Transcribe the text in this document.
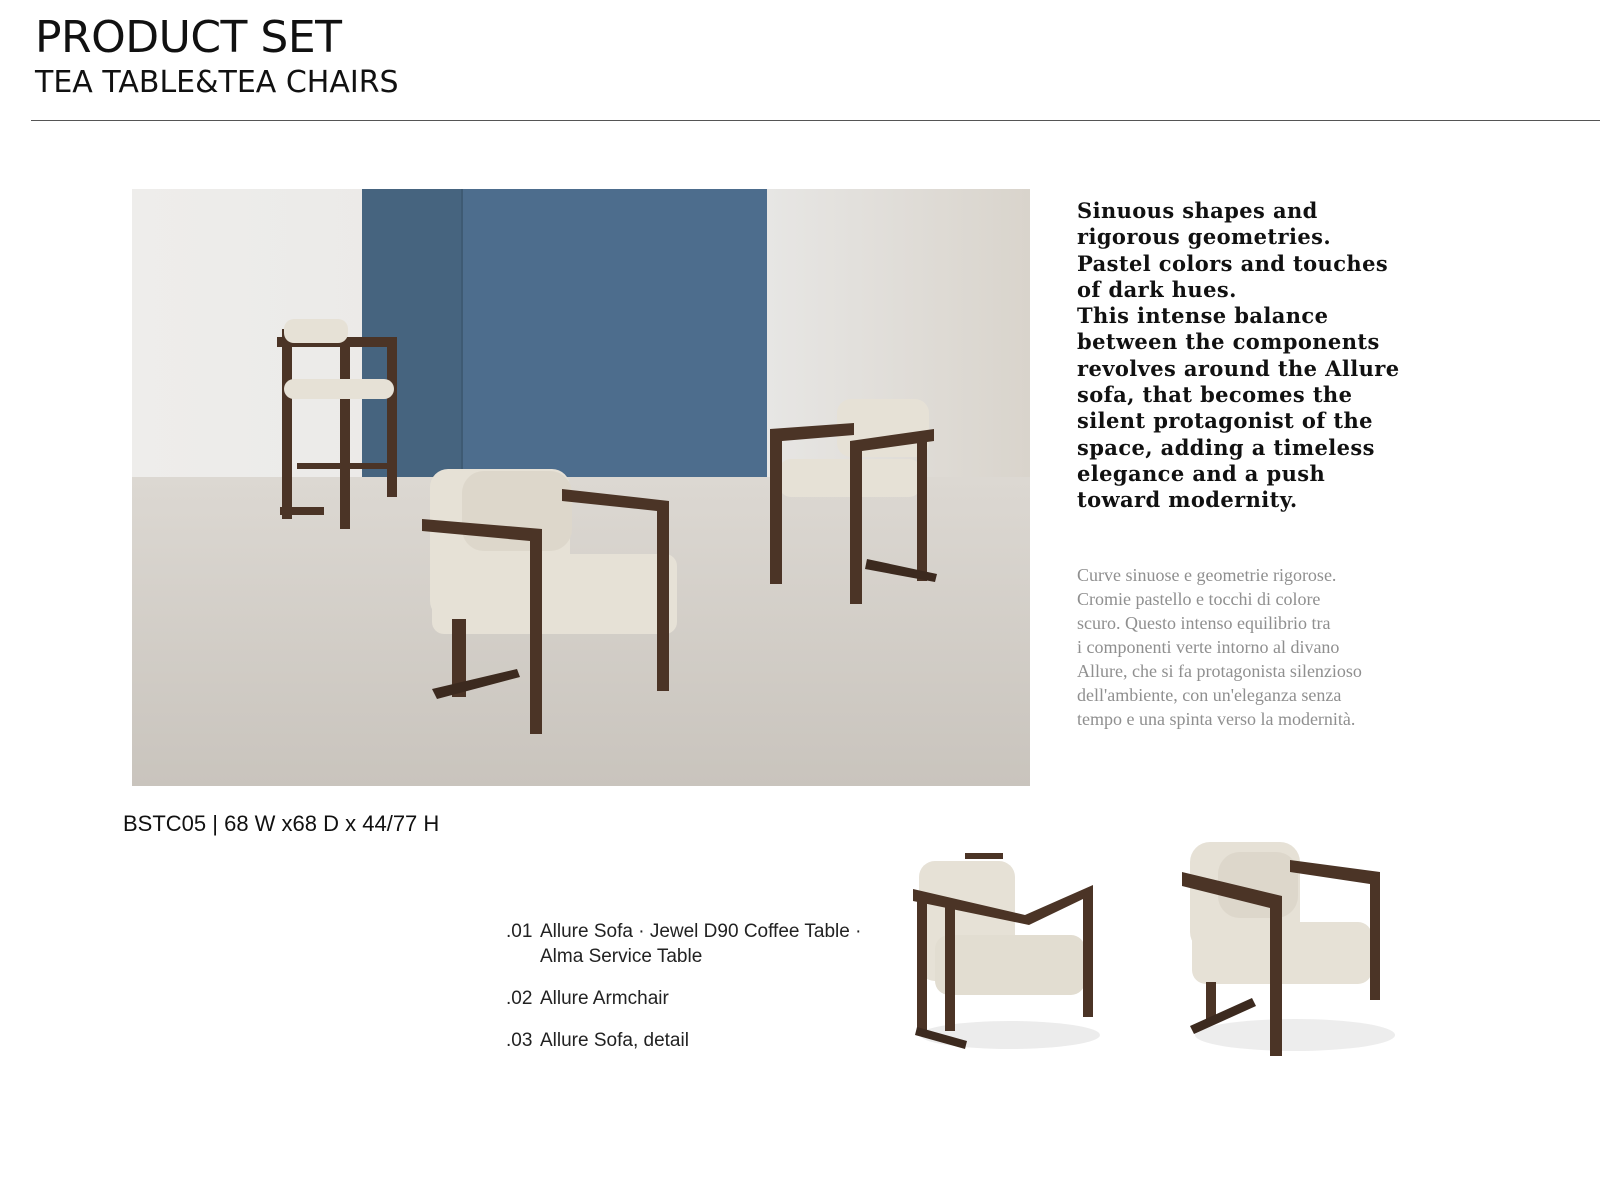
PRODUCT SET
TEA TABLE&TEA CHAIRS
BSTC05 | 68 W x68 D x 44/77 H
Sinuous shapes and
rigorous geometries.
Pastel colors and touches
of dark hues.
This intense balance
between the components
revolves around the Allure
sofa, that becomes the
silent protagonist of the
space, adding a timeless
elegance and a push
toward modernity.
Curve sinuose e geometrie rigorose.
Cromie pastello e tocchi di colore
scuro. Questo intenso equilibrio tra
i componenti verte intorno al divano
Allure, che si fa protagonista silenzioso
dell'ambiente, con un'eleganza senza
tempo e una spinta verso la modernità.
.01 Allure Sofa · Jewel D90 Coffee Table ·
Alma Service Table
.02 Allure Armchair
.03 Allure Sofa, detail
